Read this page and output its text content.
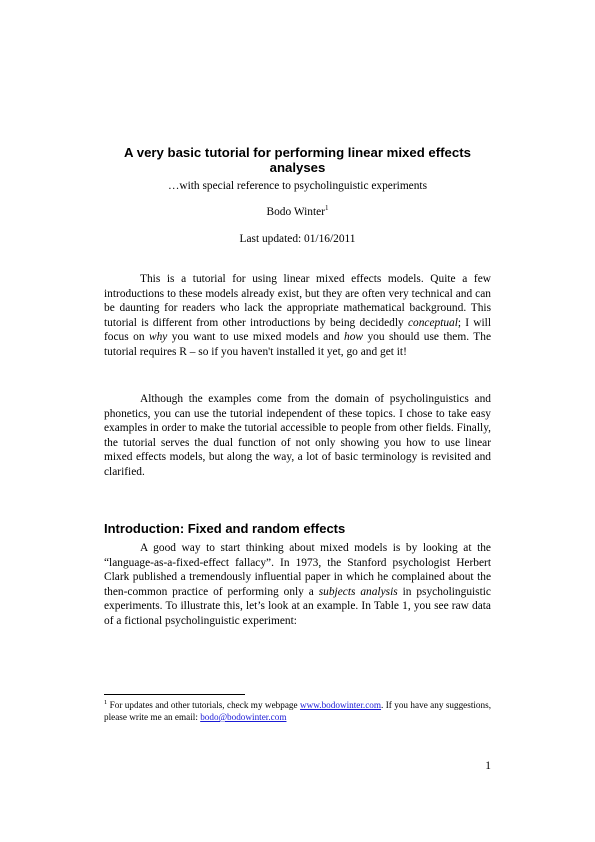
A very basic tutorial for performing linear mixed effects analyses
…with special reference to psycholinguistic experiments
Bodo Winter$^1$
Last updated: 01/16/2011

This is a tutorial for using linear mixed effects models. Quite a few introductions to these models already exist, but they are often very technical and can be daunting for readers who lack the appropriate mathematical background. This tutorial is different from other introductions by being decidedly conceptual; I will focus on why you want to use mixed models and how you should use them. The tutorial requires R – so if you haven't installed it yet, go and get it!

Although the examples come from the domain of psycholinguistics and phonetics, you can use the tutorial independent of these topics. I chose to take easy examples in order to make the tutorial accessible to people from other fields. Finally, the tutorial serves the dual function of not only showing you how to use linear mixed effects models, but along the way, a lot of basic terminology is revisited and clarified.

Introduction: Fixed and random effects

A good way to start thinking about mixed models is by looking at the “language-as-a-fixed-effect fallacy”. In 1973, the Stanford psychologist Herbert Clark published a tremendously influential paper in which he complained about the then-common practice of performing only a subjects analysis in psycholinguistic experiments. To illustrate this, let’s look at an example. In Table 1, you see raw data of a fictional psycholinguistic experiment:

$^1$ For updates and other tutorials, check my webpage www.bodowinter.com. If you have any suggestions, please write me an email: bodo@bodowinter.com

1
